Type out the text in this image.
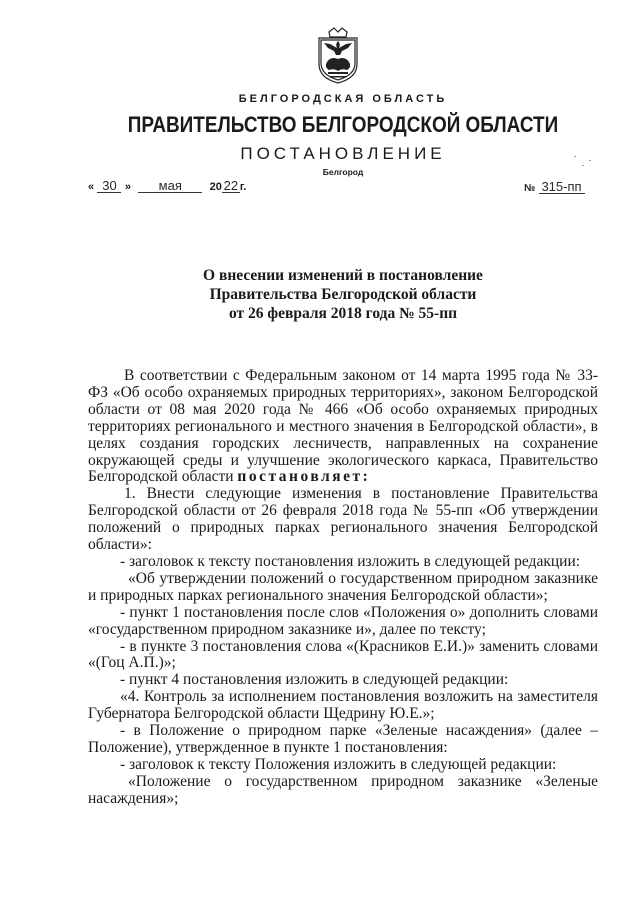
БЕЛГОРОДСКАЯ ОБЛАСТЬ
ПРАВИТЕЛЬСТВО БЕЛГОРОДСКОЙ ОБЛАСТИ
ПОСТАНОВЛЕНИЕ
Белгород
« 30 » мая	20 22 г.	№ 315-пп
О внесении изменений в постановление
Правительства Белгородской области
от 26 февраля 2018 года № 55-пп

В соответствии с Федеральным законом от 14 марта 1995 года № 33-ФЗ «Об особо охраняемых природных территориях», законом Белгородской области от 08 мая 2020 года № 466 «Об особо охраняемых природных территориях регионального и местного значения в Белгородской области», в целях создания городских лесничеств, направленных на сохранение окружающей среды и улучшение экологического каркаса, Правительство Белгородской области постановляет:

1. Внести следующие изменения в постановление Правительства Белгородской области от 26 февраля 2018 года № 55-пп «Об утверждении положений о природных парках регионального значения Белгородской области»:

- заголовок к тексту постановления изложить в следующей редакции:

«Об утверждении положений о государственном природном заказнике и природных парках регионального значения Белгородской области»;

- пункт 1 постановления после слов «Положения о» дополнить словами «государственном природном заказнике и», далее по тексту;

- в пункте 3 постановления слова «(Красников Е.И.)» заменить словами «(Гоц А.П.)»;

- пункт 4 постановления изложить в следующей редакции:

«4. Контроль за исполнением постановления возложить на заместителя Губернатора Белгородской области Щедрину Ю.Е.»;

- в Положение о природном парке «Зеленые насаждения» (далее – Положение), утвержденное в пункте 1 постановления:

- заголовок к тексту Положения изложить в следующей редакции:

«Положение о государственном природном заказнике «Зеленые насаждения»;
